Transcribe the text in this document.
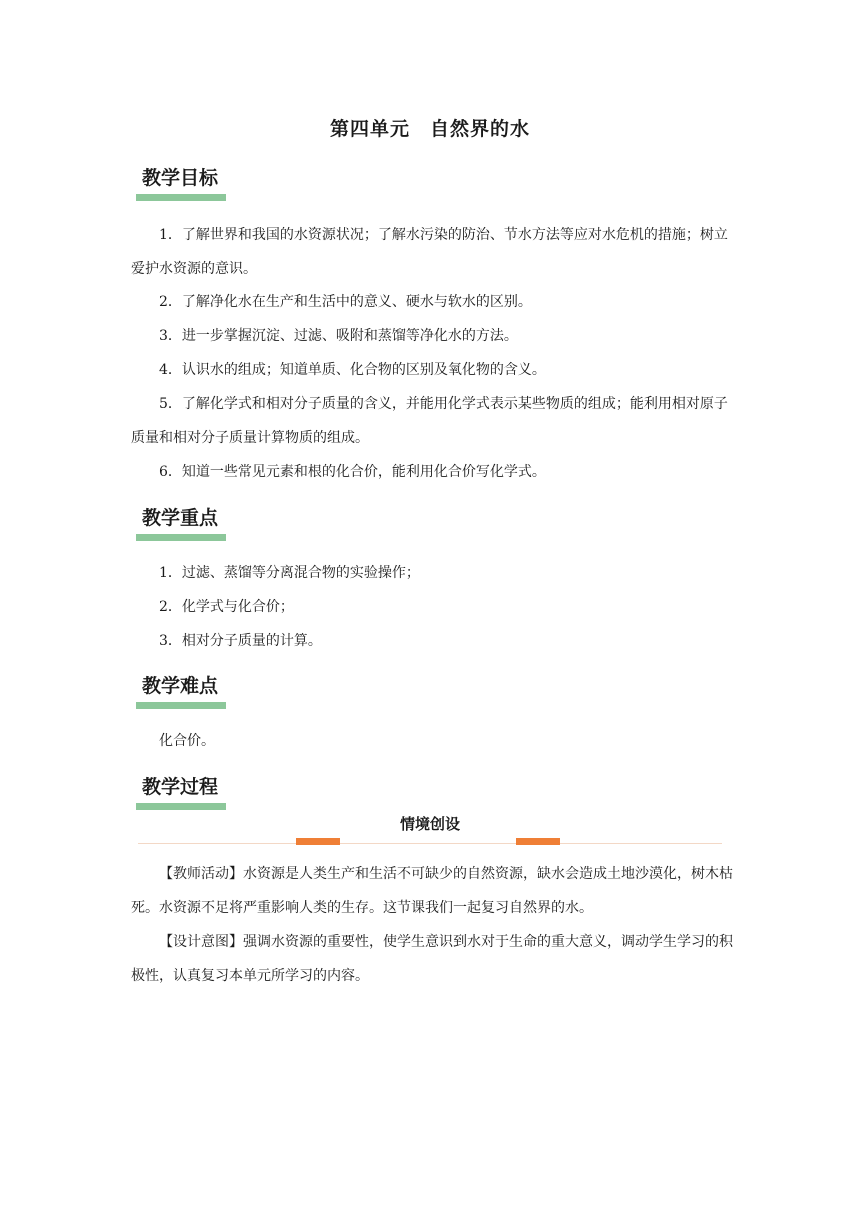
第四单元　自然界的水
教学目标
1．了解世界和我国的水资源状况；了解水污染的防治、节水方法等应对水危机的措施；树立爱护水资源的意识。
2．了解净化水在生产和生活中的意义、硬水与软水的区别。
3．进一步掌握沉淀、过滤、吸附和蒸馏等净化水的方法。
4．认识水的组成；知道单质、化合物的区别及氧化物的含义。
5．了解化学式和相对分子质量的含义，并能用化学式表示某些物质的组成；能利用相对原子质量和相对分子质量计算物质的组成。
6．知道一些常见元素和根的化合价，能利用化合价写化学式。
教学重点
1．过滤、蒸馏等分离混合物的实验操作；
2．化学式与化合价；
3．相对分子质量的计算。
教学难点
化合价。
教学过程
情境创设
【教师活动】水资源是人类生产和生活不可缺少的自然资源，缺水会造成土地沙漠化，树木枯死。水资源不足将严重影响人类的生存。这节课我们一起复习自然界的水。
【设计意图】强调水资源的重要性，使学生意识到水对于生命的重大意义，调动学生学习的积极性，认真复习本单元所学习的内容。
